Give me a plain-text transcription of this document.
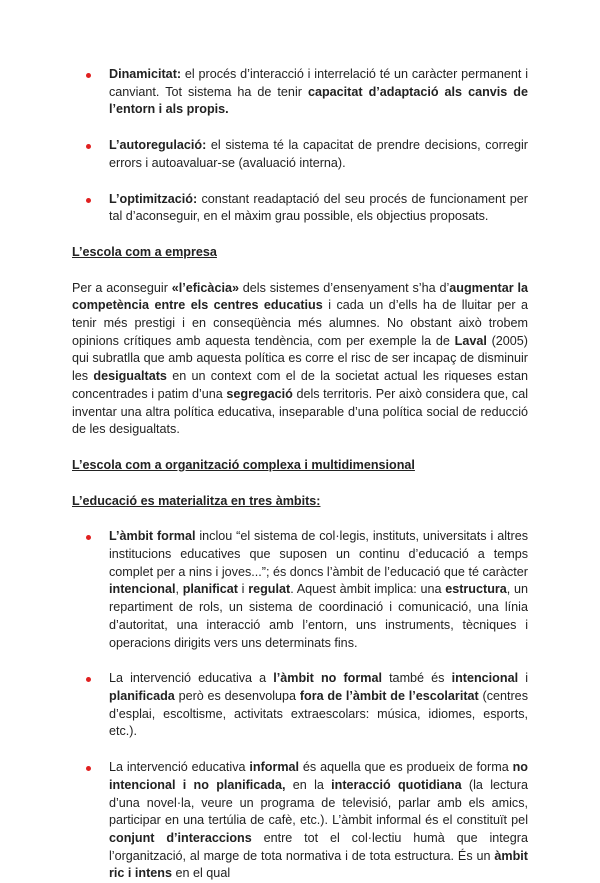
Dinamicitat: el procés d’interacció i interrelació té un caràcter permanent i canviant. Tot sistema ha de tenir capacitat d’adaptació als canvis de l’entorn i als propis.

L’autoregulació: el sistema té la capacitat de prendre decisions, corregir errors i autoavaluar-se (avaluació interna).

L’optimització: constant readaptació del seu procés de funcionament per tal d’aconseguir, en el màxim grau possible, els objectius proposats.

L’escola com a empresa

Per a aconseguir «l’eficàcia» dels sistemes d’ensenyament s’ha d’augmentar la competència entre els centres educatius i cada un d’ells ha de lluitar per a tenir més prestigi i en conseqüència més alumnes. No obstant això trobem opinions crítiques amb aquesta tendència, com per exemple la de Laval (2005) qui subratlla que amb aquesta política es corre el risc de ser incapaç de disminuir les desigualtats en un context com el de la societat actual les riqueses estan concentrades i patim d’una segregació dels territoris. Per això considera que, cal inventar una altra política educativa, inseparable d’una política social de reducció de les desigualtats.

L’escola com a organització complexa i multidimensional
L’educació es materialitza en tres àmbits:

L’àmbit formal inclou “el sistema de col·legis, instituts, universitats i altres institucions educatives que suposen un continu d’educació a temps complet per a nins i joves...”; és doncs l’àmbit de l’educació que té caràcter intencional, planificat i regulat. Aquest àmbit implica: una estructura, un repartiment de rols, un sistema de coordinació i comunicació, una línia d’autoritat, una interacció amb l’entorn, uns instruments, tècniques i operacions dirigits vers uns determinats fins.

La intervenció educativa a l’àmbit no formal també és intencional i planificada però es desenvolupa fora de l’àmbit de l’escolaritat (centres d’esplai, escoltisme, activitats extraescolars: música, idiomes, esports, etc.).

La intervenció educativa informal és aquella que es produeix de forma no intencional i no planificada, en la interacció quotidiana (la lectura d’una novel·la, veure un programa de televisió, parlar amb els amics, participar en una tertúlia de cafè, etc.). L’àmbit informal és el constituït pel conjunt d’interaccions entre tot el col·lectiu humà que integra l’organització, al marge de tota normativa i de tota estructura. És un àmbit ric i intens en el qual
